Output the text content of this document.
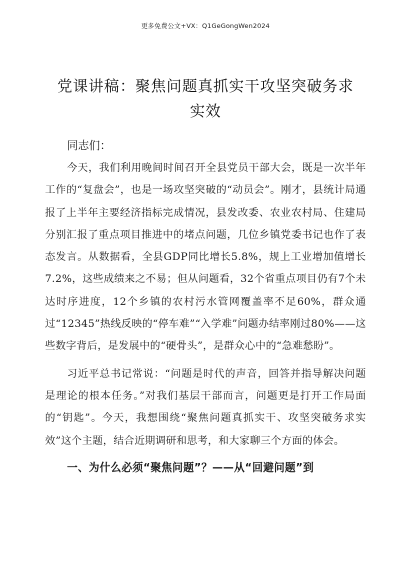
更多免费公文+VX：Q1GeGongWen2024
党课讲稿：聚焦问题真抓实干攻坚突破务求实效
同志们：

今天，我们利用晚间时间召开全县党员干部大会，既是一次半年工作的“复盘会”，也是一场攻坚突破的“动员会”。刚才，县统计局通报了上半年主要经济指标完成情况，县发改委、农业农村局、住建局分别汇报了重点项目推进中的堵点问题，几位乡镇党委书记也作了表态发言。从数据看，全县GDP同比增长5.8%，规上工业增加值增长7.2%，这些成绩来之不易；但从问题看，32个省重点项目仍有7个未达时序进度，12个乡镇的农村污水管网覆盖率不足60%，群众通过“12345”热线反映的“停车难”“入学难”问题办结率刚过80%——这些数字背后，是发展中的“硬骨头”，是群众心中的“急难愁盼”。

习近平总书记常说：“问题是时代的声音，回答并指导解决问题是理论的根本任务。”对我们基层干部而言，问题更是打开工作局面的“钥匙”。今天，我想围绕“聚焦问题真抓实干、攻坚突破务求实效”这个主题，结合近期调研和思考，和大家聊三个方面的体会。

一、为什么必须“聚焦问题”？——从“回避问题”到
